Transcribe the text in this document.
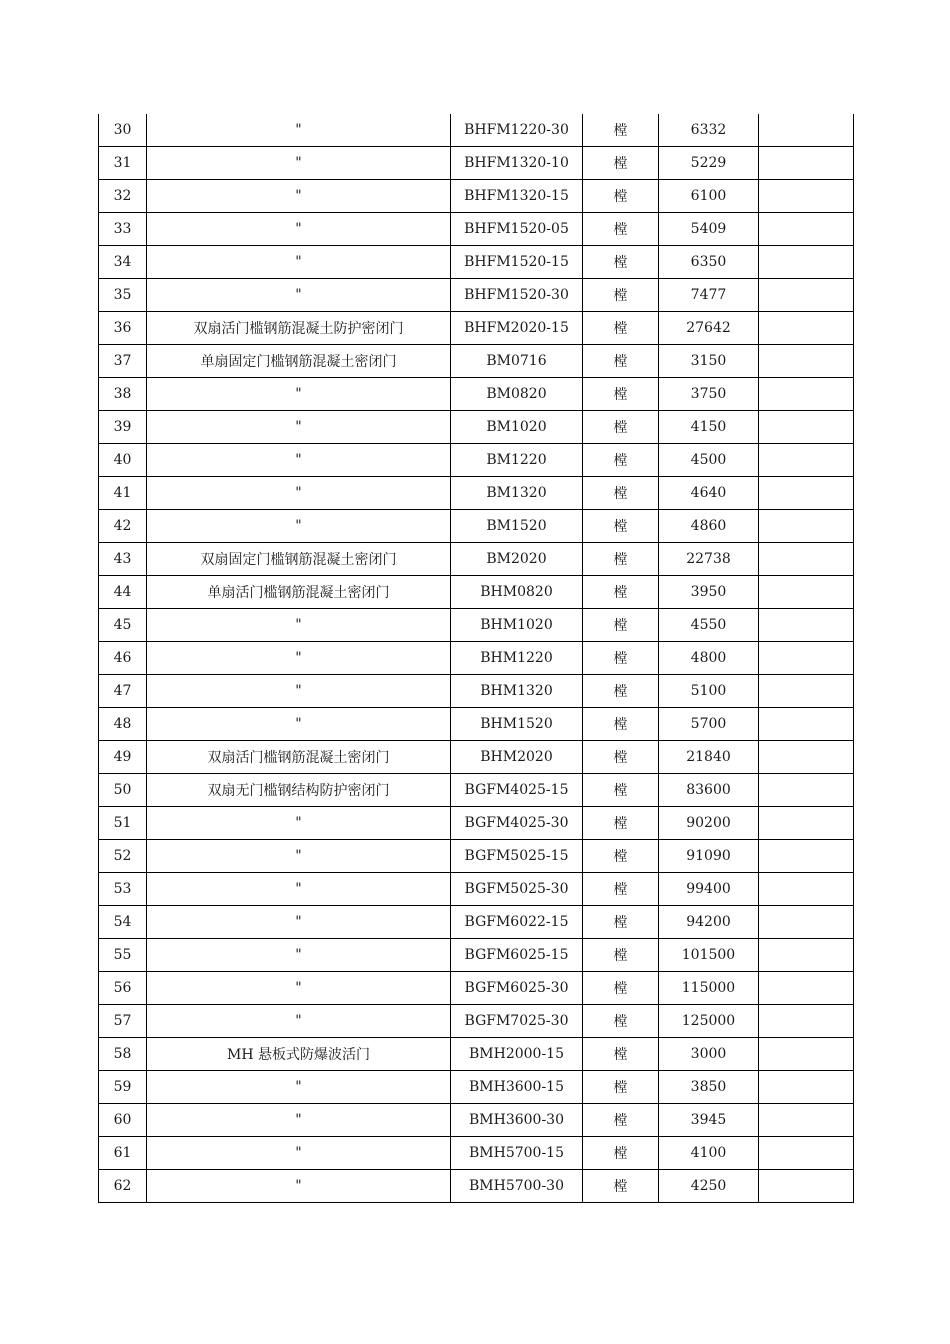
30	"	BHFM1220-30	樘	6332	
31	"	BHFM1320-10	樘	5229	
32	"	BHFM1320-15	樘	6100	
33	"	BHFM1520-05	樘	5409	
34	"	BHFM1520-15	樘	6350	
35	"	BHFM1520-30	樘	7477	
36	双扇活门槛钢筋混凝土防护密闭门	BHFM2020-15	樘	27642	
37	单扇固定门槛钢筋混凝土密闭门	BM0716	樘	3150	
38	"	BM0820	樘	3750	
39	"	BM1020	樘	4150	
40	"	BM1220	樘	4500	
41	"	BM1320	樘	4640	
42	"	BM1520	樘	4860	
43	双扇固定门槛钢筋混凝土密闭门	BM2020	樘	22738	
44	单扇活门槛钢筋混凝土密闭门	BHM0820	樘	3950	
45	"	BHM1020	樘	4550	
46	"	BHM1220	樘	4800	
47	"	BHM1320	樘	5100	
48	"	BHM1520	樘	5700	
49	双扇活门槛钢筋混凝土密闭门	BHM2020	樘	21840	
50	双扇无门槛钢结构防护密闭门	BGFM4025-15	樘	83600	
51	"	BGFM4025-30	樘	90200	
52	"	BGFM5025-15	樘	91090	
53	"	BGFM5025-30	樘	99400	
54	"	BGFM6022-15	樘	94200	
55	"	BGFM6025-15	樘	101500	
56	"	BGFM6025-30	樘	115000	
57	"	BGFM7025-30	樘	125000	
58	MH 悬板式防爆波活门	BMH2000-15	樘	3000	
59	"	BMH3600-15	樘	3850	
60	"	BMH3600-30	樘	3945	
61	"	BMH5700-15	樘	4100	
62	"	BMH5700-30	樘	4250	
